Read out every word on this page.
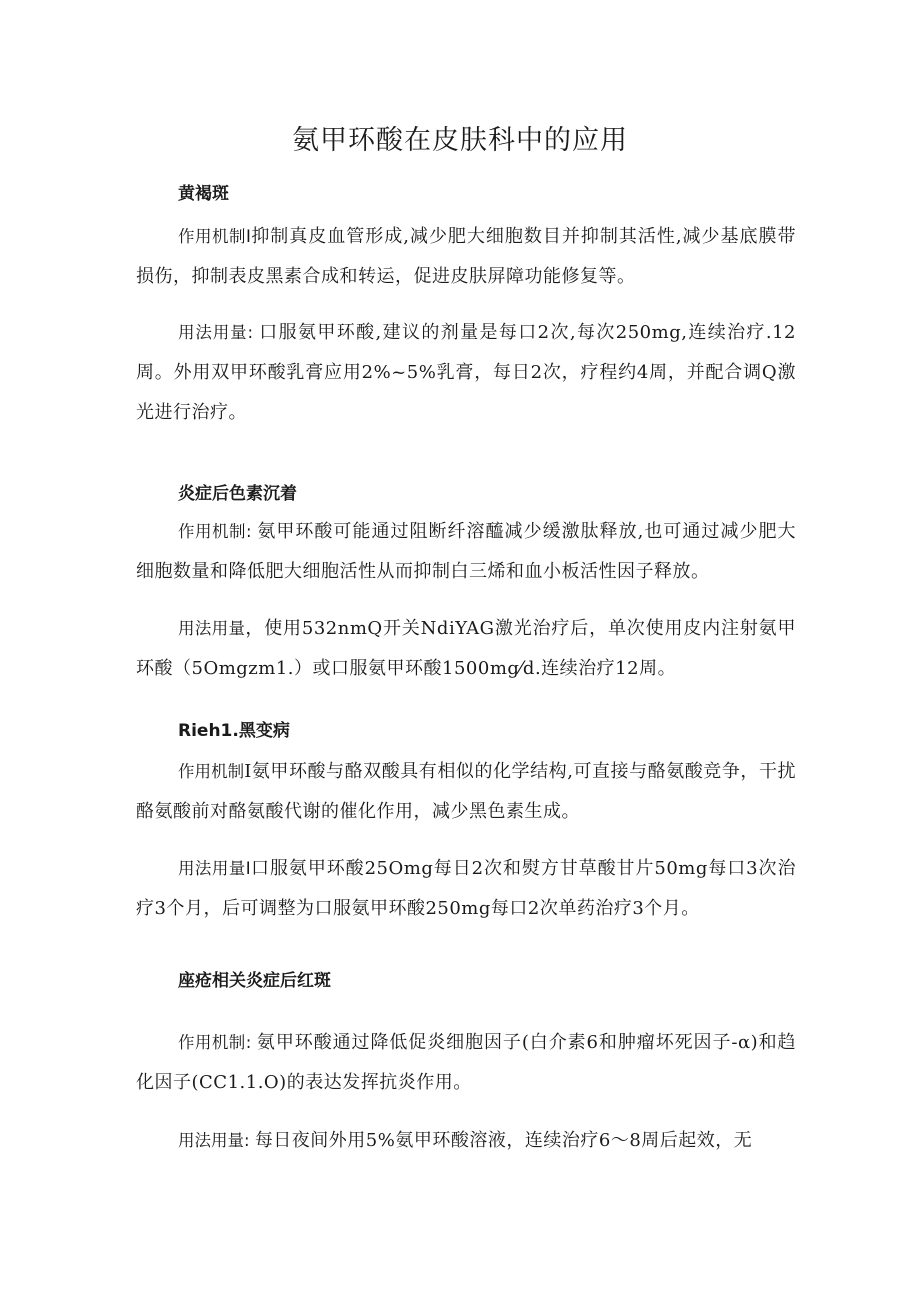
氨甲环酸在皮肤科中的应用
黄褐斑

作用机制I抑制真皮血管形成,减少肥大细胞数目并抑制其活性,减少基底膜带损伤，抑制表皮黑素合成和转运，促进皮肤屏障功能修复等。

用法用量: 口服氨甲环酸,建议的剂量是每口2次,每次250mg,连续治疗.12周。外用双甲环酸乳膏应用2%~5%乳膏，每日2次，疗程约4周，并配合调Q激光进行治疗。

炎症后色素沉着

作用机制: 氨甲环酸可能通过阻断纤溶醯减少缓激肽释放,也可通过减少肥大细胞数量和降低肥大细胞活性从而抑制白三烯和血小板活性因子释放。

用法用量，使用532nmQ开关NdiYAG激光治疗后，单次使用皮内注射氨甲环酸（5Omgzm1.）或口服氨甲环酸1500mg⁄d.连续治疗12周。

Rieh1.黑变病

作用机制I氨甲环酸与酪双酸具有相似的化学结构,可直接与酪氨酸竞争，干扰酪氨酸前对酪氨酸代谢的催化作用，减少黑色素生成。

用法用量I口服氨甲环酸25Omg每日2次和熨方甘草酸甘片50mg每口3次治疗3个月，后可调整为口服氨甲环酸250mg每口2次单药治疗3个月。

座疮相关炎症后红斑

作用机制: 氨甲环酸通过降低促炎细胞因子(白介素6和肿瘤坏死因子-α)和趋化因子(CC1.1.O)的表达发挥抗炎作用。

用法用量: 每日夜间外用5%氨甲环酸溶液，连续治疗6～8周后起效，无
